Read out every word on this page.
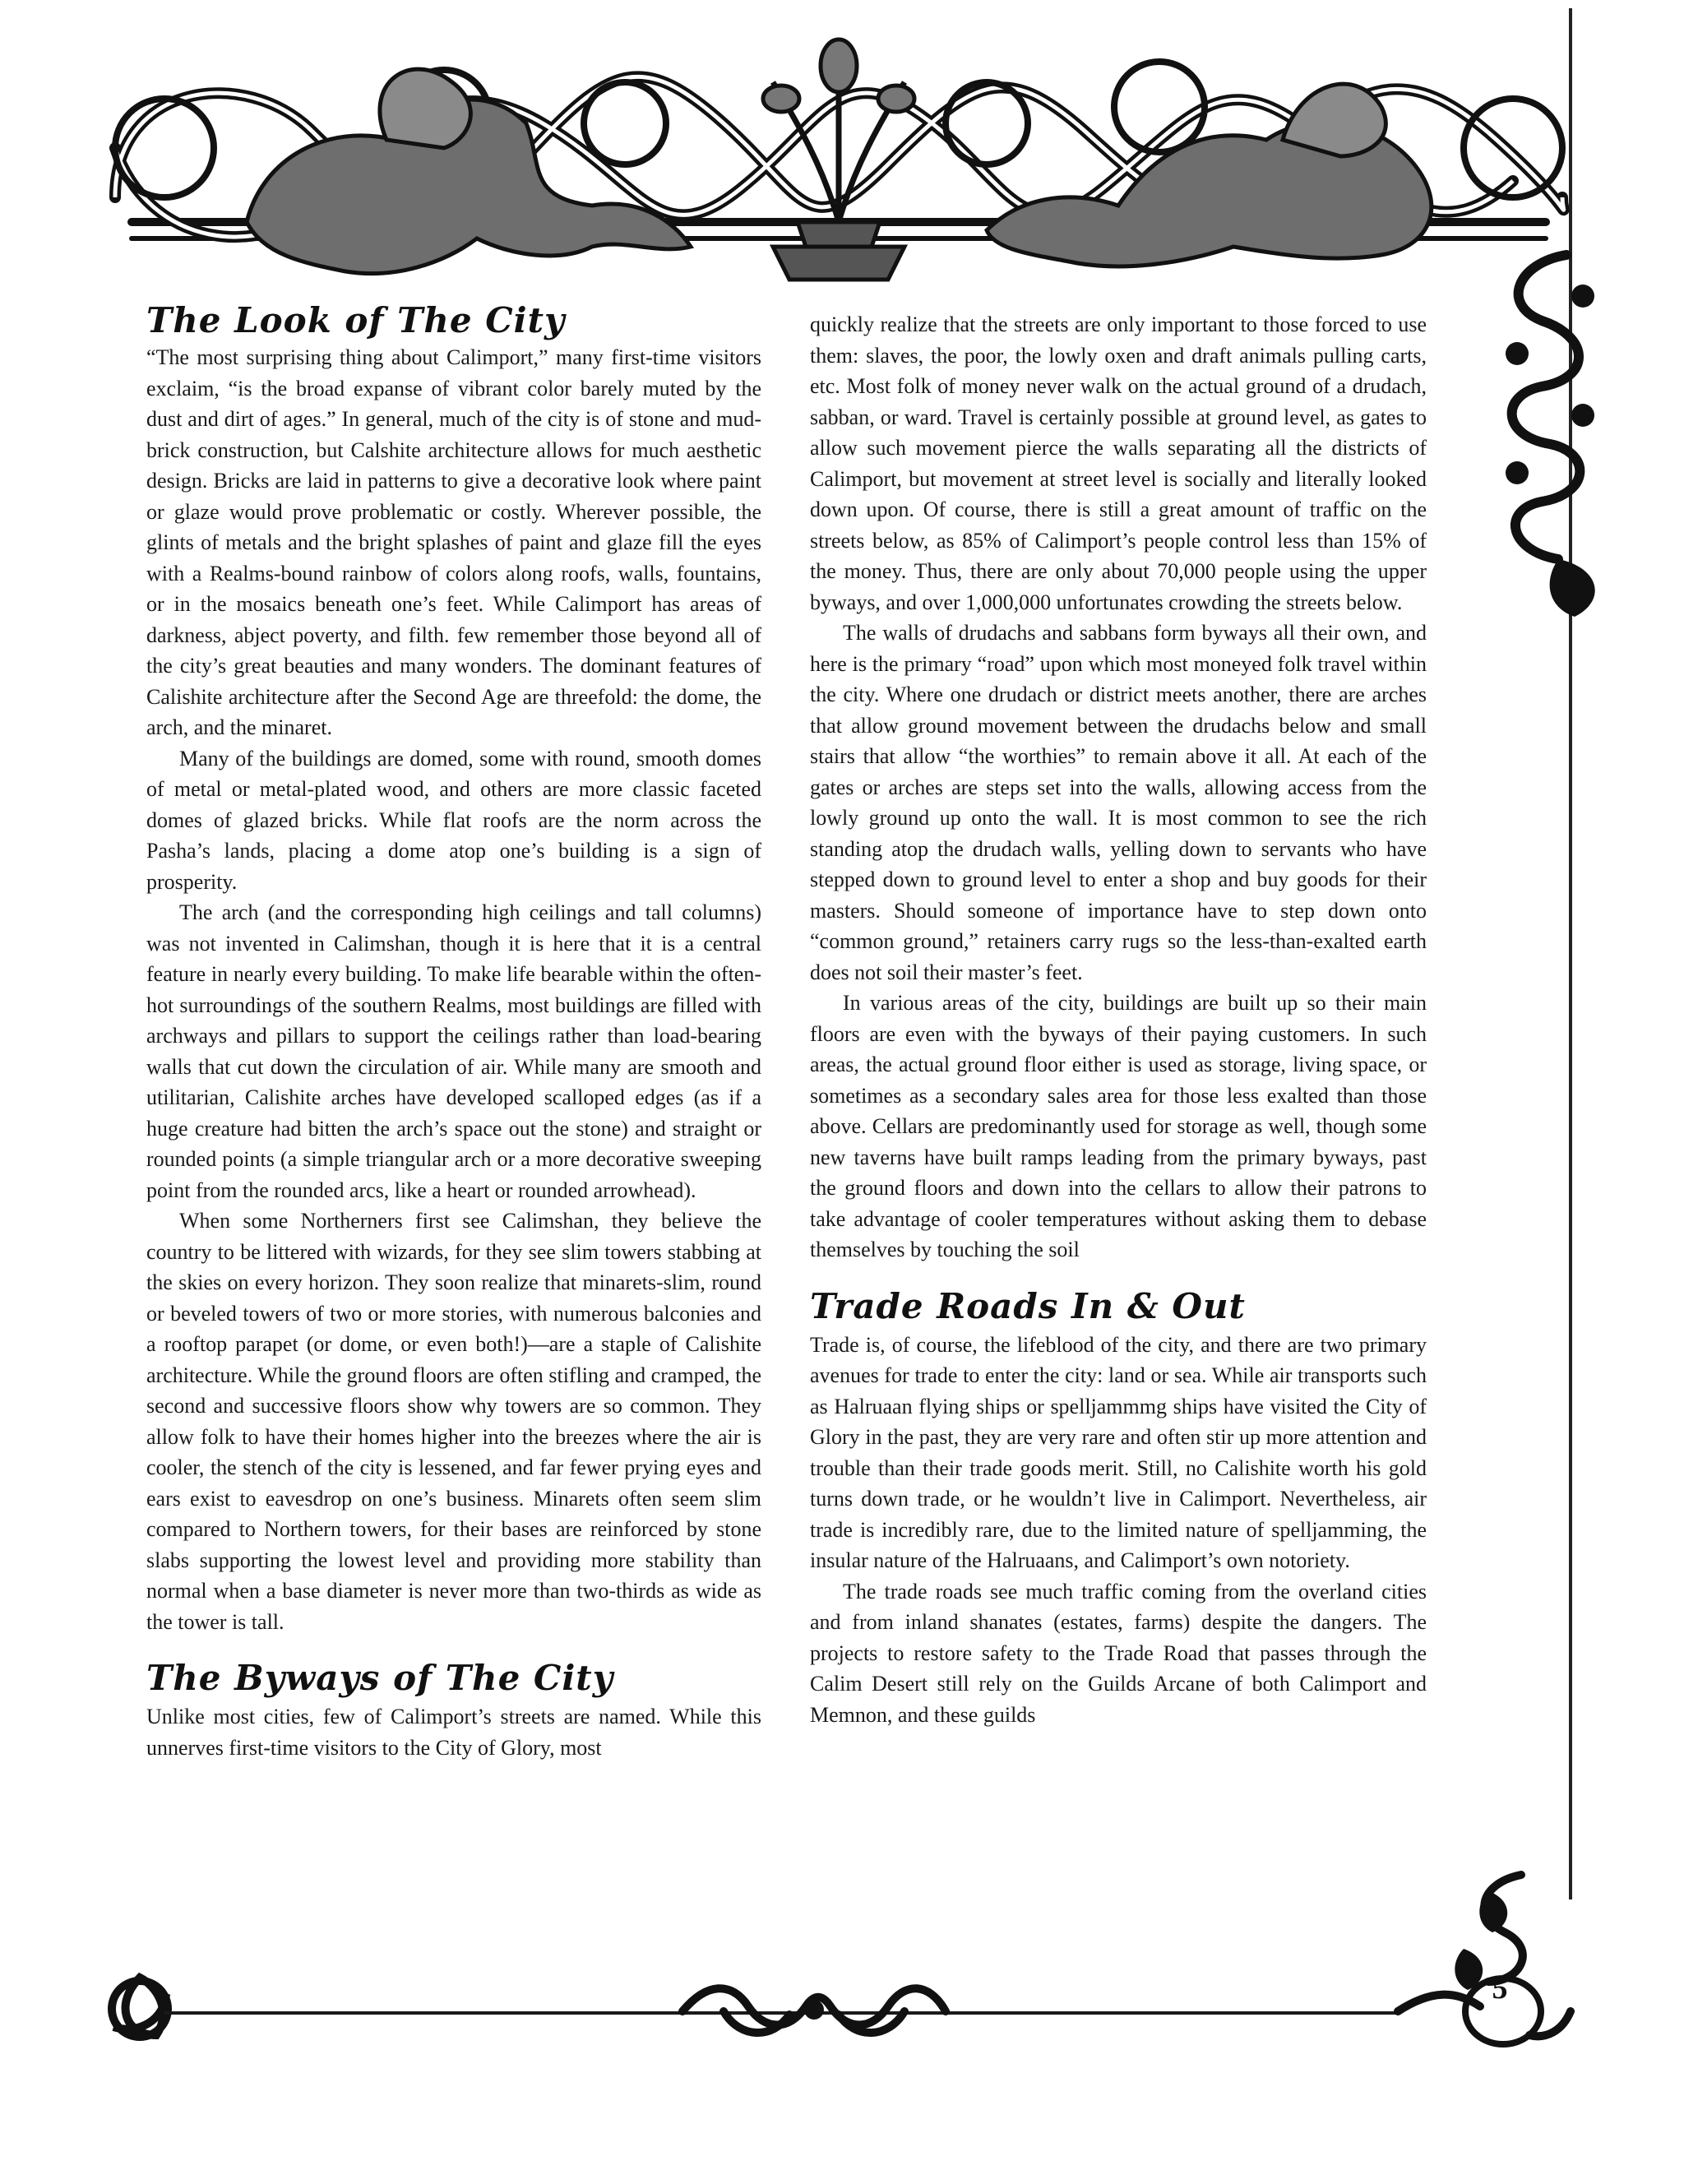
5
The Look of The City

“The most surprising thing about Calimport,” many first-time visitors exclaim, “is the broad expanse of vibrant color barely muted by the dust and dirt of ages.” In general, much of the city is of stone and mud-brick construction, but Calshite architecture allows for much aesthetic design. Bricks are laid in patterns to give a decorative look where paint or glaze would prove problematic or costly. Wherever possible, the glints of metals and the bright splashes of paint and glaze fill the eyes with a Realms-bound rainbow of colors along roofs, walls, fountains, or in the mosaics beneath one’s feet. While Calimport has areas of darkness, abject poverty, and filth. few remember those beyond all of the city’s great beauties and many wonders. The dominant features of Calishite architecture after the Second Age are threefold: the dome, the arch, and the minaret.

Many of the buildings are domed, some with round, smooth domes of metal or metal-plated wood, and others are more classic faceted domes of glazed bricks. While flat roofs are the norm across the Pasha’s lands, placing a dome atop one’s building is a sign of prosperity.

The arch (and the corresponding high ceilings and tall columns) was not invented in Calimshan, though it is here that it is a central feature in nearly every building. To make life bearable within the often-hot surroundings of the southern Realms, most buildings are filled with archways and pillars to support the ceilings rather than load-bearing walls that cut down the circulation of air. While many are smooth and utilitarian, Calishite arches have developed scalloped edges (as if a huge creature had bitten the arch’s space out the stone) and straight or rounded points (a simple triangular arch or a more decorative sweeping point from the rounded arcs, like a heart or rounded arrowhead).

When some Northerners first see Calimshan, they believe the country to be littered with wizards, for they see slim towers stabbing at the skies on every horizon. They soon realize that minarets-slim, round or beveled towers of two or more stories, with numerous balconies and a rooftop parapet (or dome, or even both!)—are a staple of Calishite architecture. While the ground floors are often stifling and cramped, the second and successive floors show why towers are so common. They allow folk to have their homes higher into the breezes where the air is cooler, the stench of the city is lessened, and far fewer prying eyes and ears exist to eavesdrop on one’s business. Minarets often seem slim compared to Northern towers, for their bases are reinforced by stone slabs supporting the lowest level and providing more stability than normal when a base diameter is never more than two-thirds as wide as the tower is tall.

The Byways of The City

Unlike most cities, few of Calimport’s streets are named. While this unnerves first-time visitors to the City of Glory, most

quickly realize that the streets are only important to those forced to use them: slaves, the poor, the lowly oxen and draft animals pulling carts, etc. Most folk of money never walk on the actual ground of a drudach, sabban, or ward. Travel is certainly possible at ground level, as gates to allow such movement pierce the walls separating all the districts of Calimport, but movement at street level is socially and literally looked down upon. Of course, there is still a great amount of traffic on the streets below, as 85% of Calimport’s people control less than 15% of the money. Thus, there are only about 70,000 people using the upper byways, and over 1,000,000 unfortunates crowding the streets below.

The walls of drudachs and sabbans form byways all their own, and here is the primary “road” upon which most moneyed folk travel within the city. Where one drudach or district meets another, there are arches that allow ground movement between the drudachs below and small stairs that allow “the worthies” to remain above it all. At each of the gates or arches are steps set into the walls, allowing access from the lowly ground up onto the wall. It is most common to see the rich standing atop the drudach walls, yelling down to servants who have stepped down to ground level to enter a shop and buy goods for their masters. Should someone of importance have to step down onto “common ground,” retainers carry rugs so the less-than-exalted earth does not soil their master’s feet.

In various areas of the city, buildings are built up so their main floors are even with the byways of their paying customers. In such areas, the actual ground floor either is used as storage, living space, or sometimes as a secondary sales area for those less exalted than those above. Cellars are predominantly used for storage as well, though some new taverns have built ramps leading from the primary byways, past the ground floors and down into the cellars to allow their patrons to take advantage of cooler temperatures without asking them to debase themselves by touching the soil

Trade Roads In & Out

Trade is, of course, the lifeblood of the city, and there are two primary avenues for trade to enter the city: land or sea. While air transports such as Halruaan flying ships or spelljammmg ships have visited the City of Glory in the past, they are very rare and often stir up more attention and trouble than their trade goods merit. Still, no Calishite worth his gold turns down trade, or he wouldn’t live in Calimport. Nevertheless, air trade is incredibly rare, due to the limited nature of spelljamming, the insular nature of the Halruaans, and Calimport’s own notoriety.

The trade roads see much traffic coming from the overland cities and from inland shanates (estates, farms) despite the dangers. The projects to restore safety to the Trade Road that passes through the Calim Desert still rely on the Guilds Arcane of both Calimport and Memnon, and these guilds
